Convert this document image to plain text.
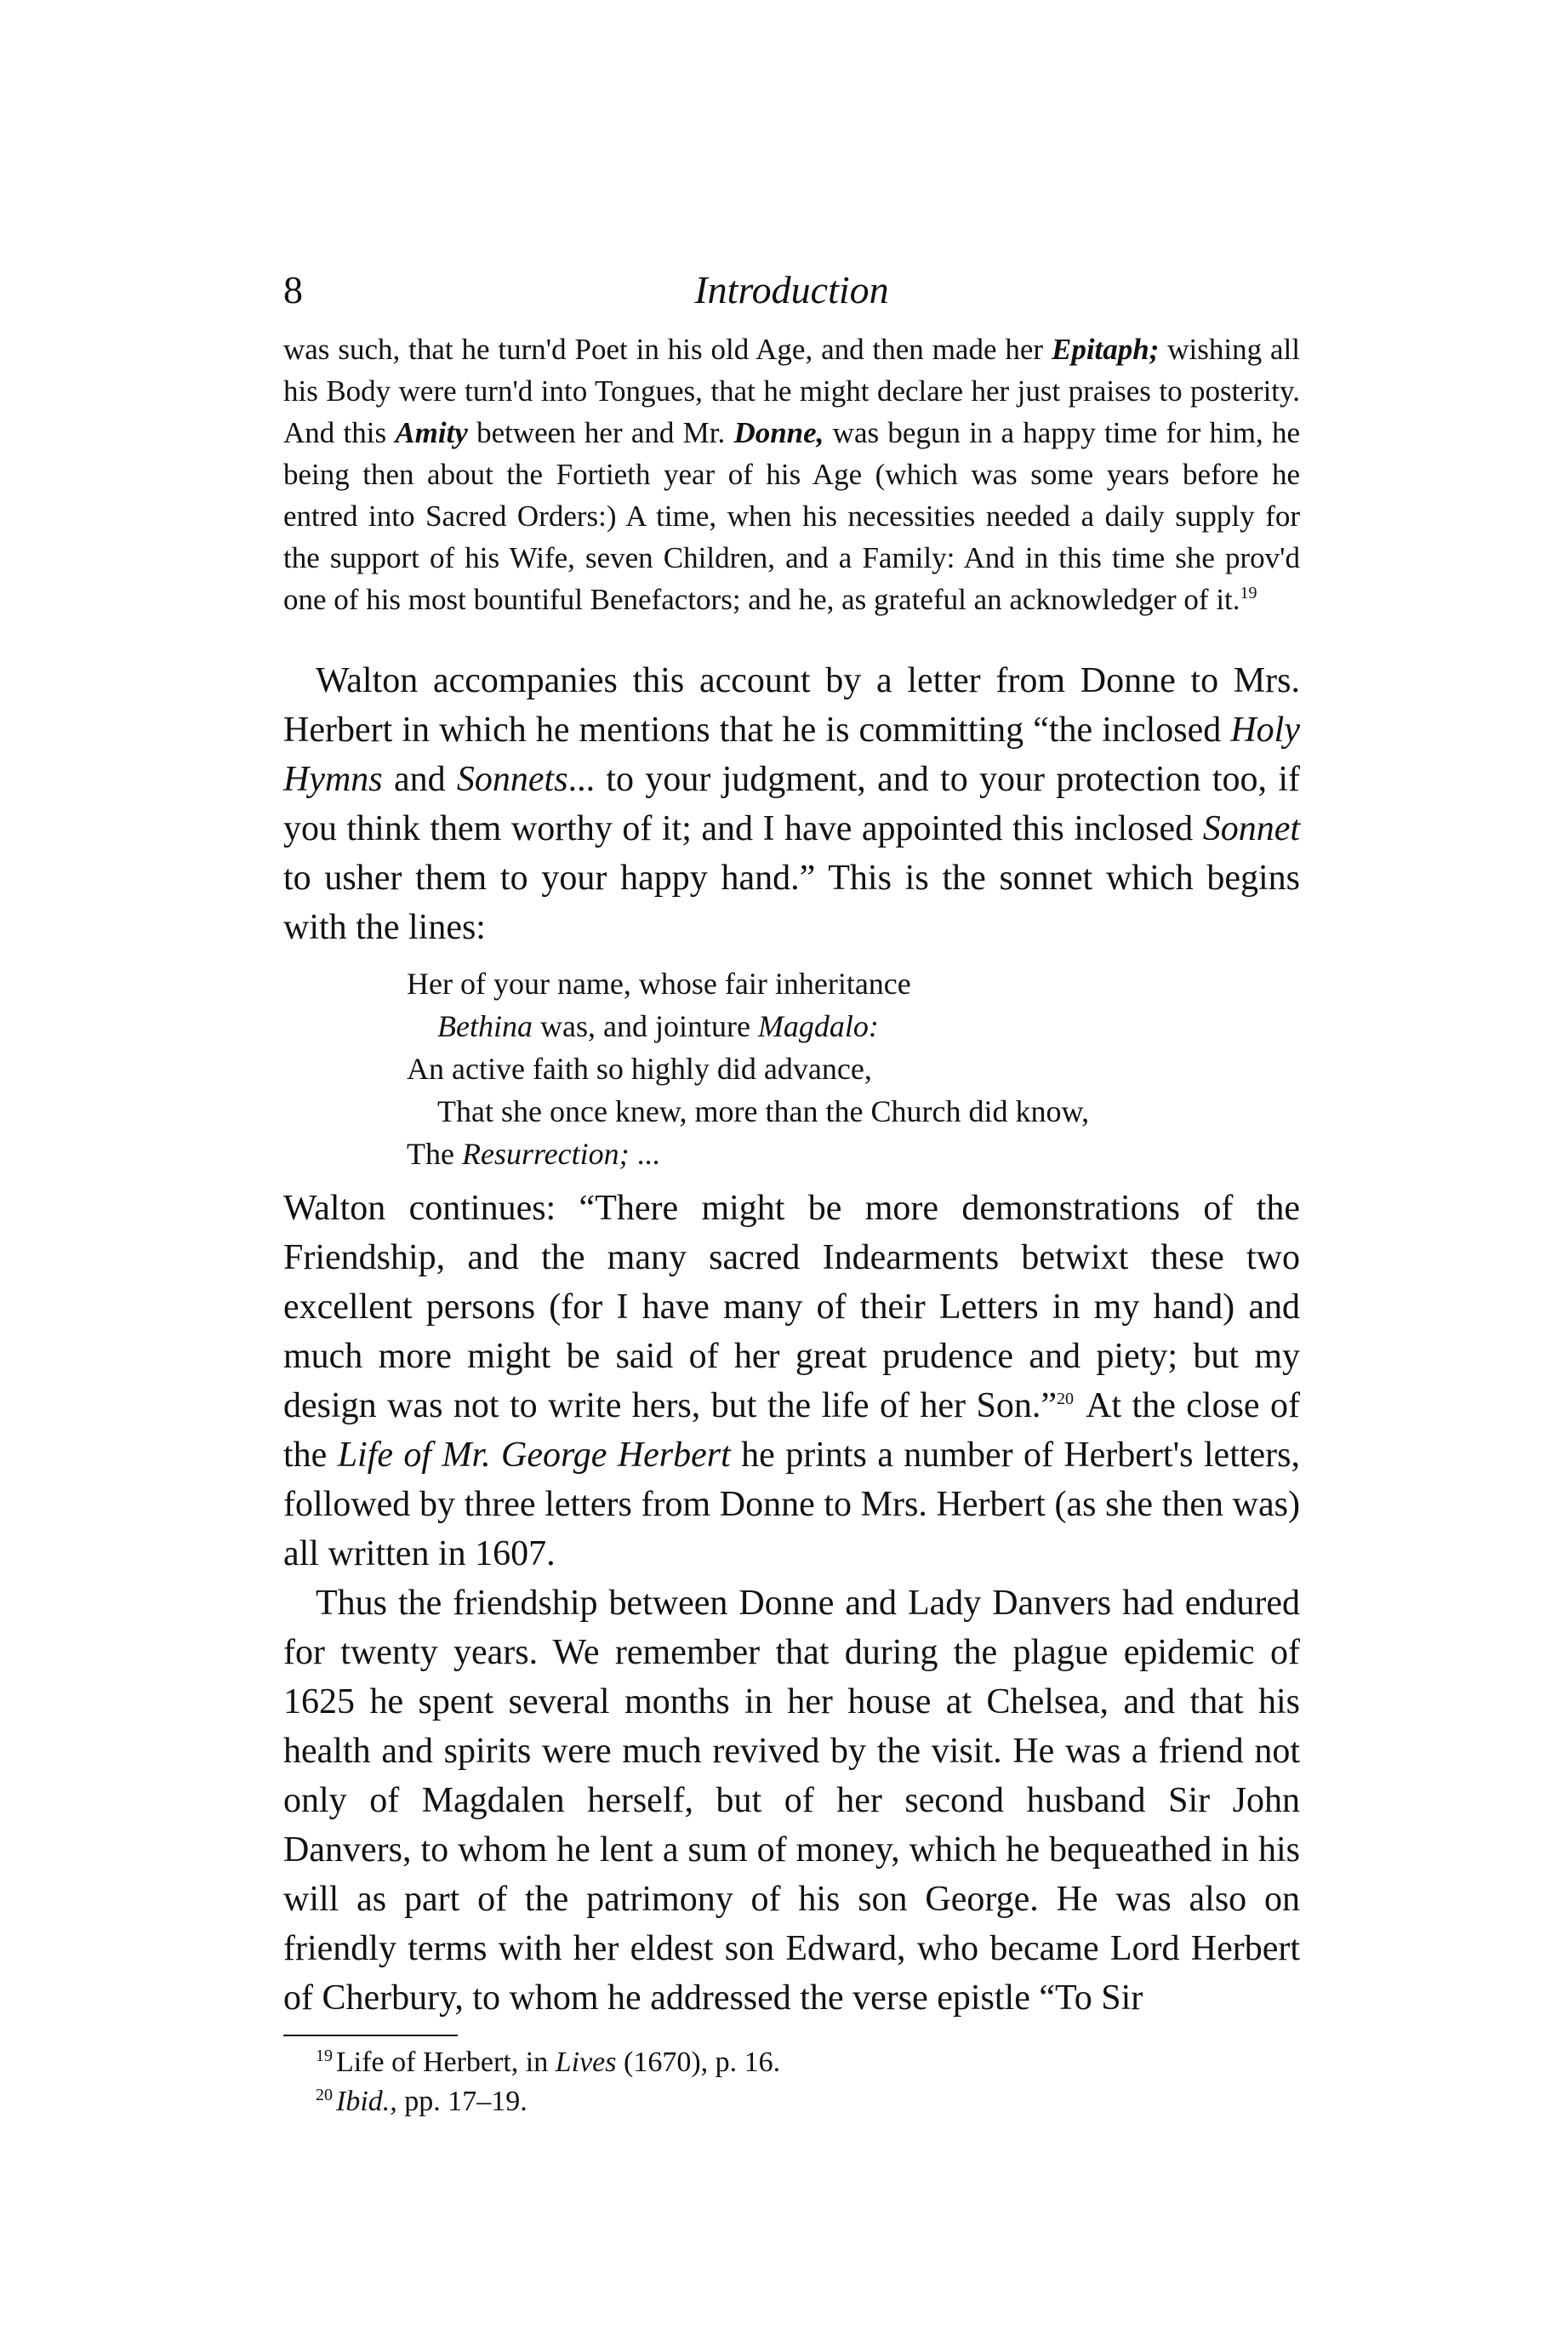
8	Introduction

was such, that he turn'd Poet in his old Age, and then made her Epitaph; wishing all his Body were turn'd into Tongues, that he might declare her just praises to posterity. And this Amity between her and Mr. Donne, was begun in a happy time for him, he being then about the Fortieth year of his Age (which was some years before he entred into Sacred Orders:) A time, when his necessities needed a daily supply for the support of his Wife, seven Children, and a Family: And in this time she prov'd one of his most bountiful Benefactors; and he, as grateful an acknowledger of it.$^{19}$

Walton accompanies this account by a letter from Donne to Mrs. Herbert in which he mentions that he is committing “the inclosed Holy Hymns and Sonnets... to your judgment, and to your protection too, if you think them worthy of it; and I have appointed this inclosed Sonnet to usher them to your happy hand.” This is the sonnet which begins with the lines:

Her of your name, whose fair inheritance
Bethina was, and jointure Magdalo:
An active faith so highly did advance,
That she once knew, more than the Church did know,
The Resurrection; ...

Walton continues: “There might be more demonstrations of the Friendship, and the many sacred Indearments betwixt these two excellent persons (for I have many of their Letters in my hand) and much more might be said of her great prudence and piety; but my design was not to write hers, but the life of her Son.”$^{20}$ At the close of the Life of Mr. George Herbert he prints a number of Herbert's letters, followed by three letters from Donne to Mrs. Herbert (as she then was) all written in 1607.

Thus the friendship between Donne and Lady Danvers had endured for twenty years. We remember that during the plague epidemic of 1625 he spent several months in her house at Chelsea, and that his health and spirits were much revived by the visit. He was a friend not only of Magdalen herself, but of her second husband Sir John Danvers, to whom he lent a sum of money, which he bequeathed in his will as part of the patrimony of his son George. He was also on friendly terms with her eldest son Edward, who became Lord Herbert of Cherbury, to whom he addressed the verse epistle “To Sir

$^{19}$ Life of Herbert, in Lives (1670), p. 16.
$^{20}$ Ibid., pp. 17–19.
